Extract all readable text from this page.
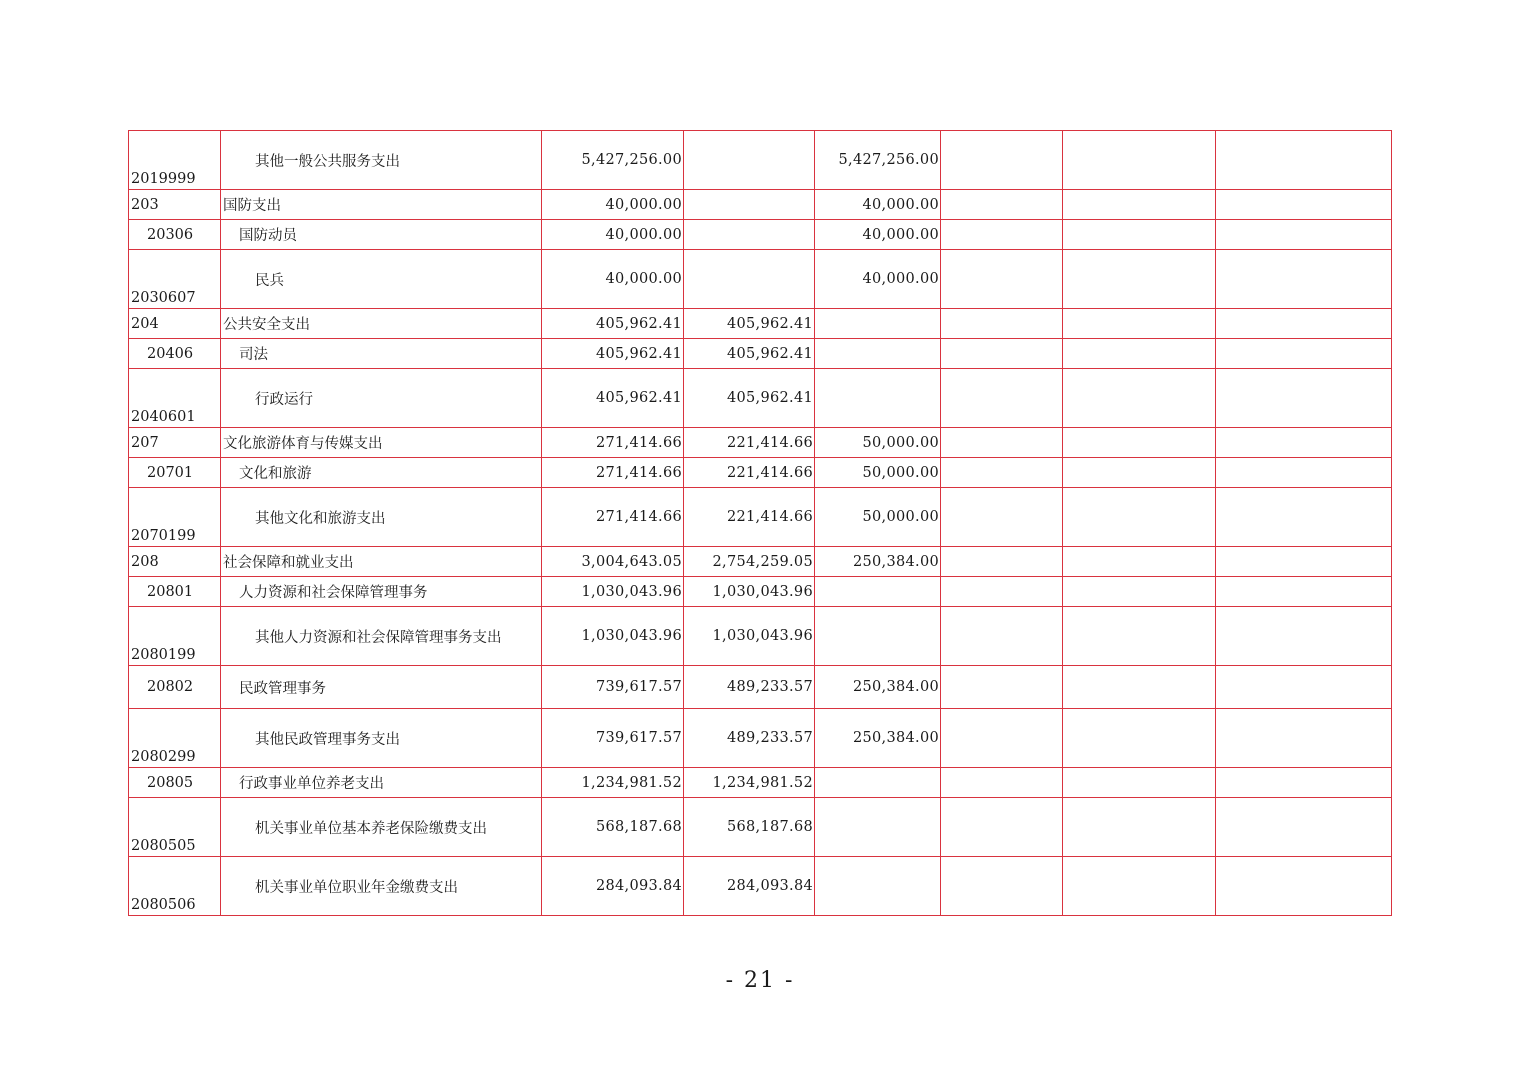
2019999	其他一般公共服务支出	5,427,256.00		5,427,256.00			
203	国防支出	40,000.00		40,000.00			
20306	国防动员	40,000.00		40,000.00			
2030607	民兵	40,000.00		40,000.00			
204	公共安全支出	405,962.41	405,962.41				
20406	司法	405,962.41	405,962.41				
2040601	行政运行	405,962.41	405,962.41				
207	文化旅游体育与传媒支出	271,414.66	221,414.66	50,000.00			
20701	文化和旅游	271,414.66	221,414.66	50,000.00			
2070199	其他文化和旅游支出	271,414.66	221,414.66	50,000.00			
208	社会保障和就业支出	3,004,643.05	2,754,259.05	250,384.00			
20801	人力资源和社会保障管理事务	1,030,043.96	1,030,043.96				
2080199	其他人力资源和社会保障管理事务支出	1,030,043.96	1,030,043.96				
20802	民政管理事务	739,617.57	489,233.57	250,384.00			
2080299	其他民政管理事务支出	739,617.57	489,233.57	250,384.00			
20805	行政事业单位养老支出	1,234,981.52	1,234,981.52				
2080505	机关事业单位基本养老保险缴费支出	568,187.68	568,187.68				
2080506	机关事业单位职业年金缴费支出	284,093.84	284,093.84				
- 21 -
